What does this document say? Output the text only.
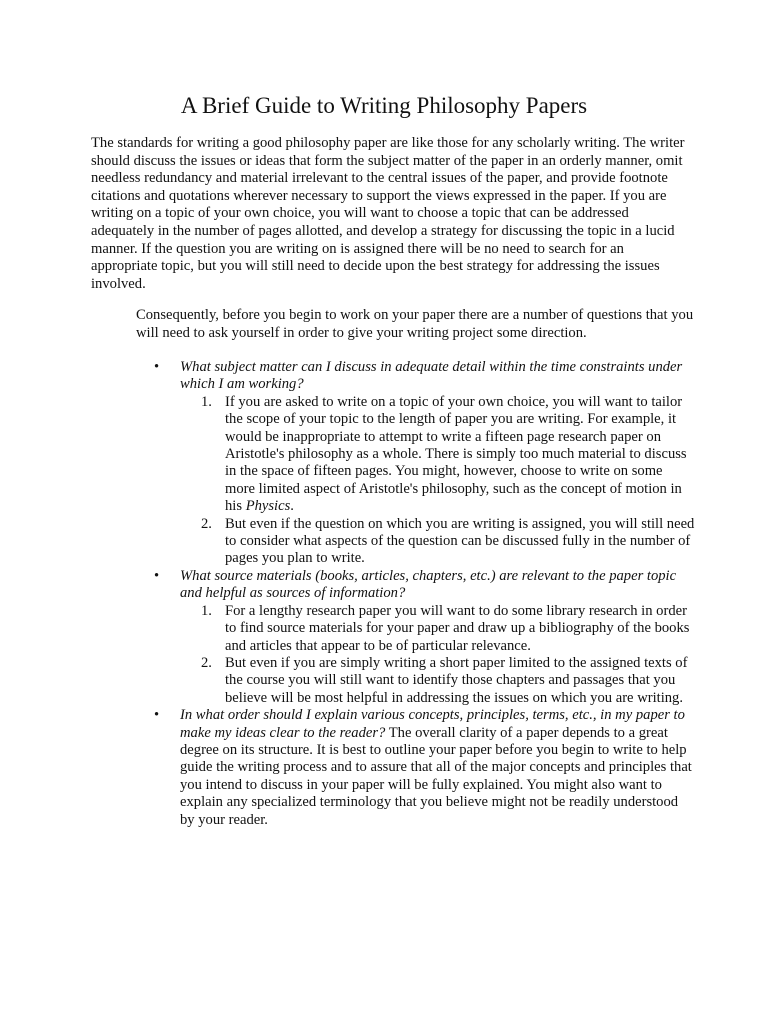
A Brief Guide to Writing Philosophy Papers

The standards for writing a good philosophy paper are like those for any scholarly writing. The writer should discuss the issues or ideas that form the subject matter of the paper in an orderly manner, omit needless redundancy and material irrelevant to the central issues of the paper, and provide footnote citations and quotations wherever necessary to support the views expressed in the paper. If you are writing on a topic of your own choice, you will want to choose a topic that can be addressed adequately in the number of pages allotted, and develop a strategy for discussing the topic in a lucid manner. If the question you are writing on is assigned there will be no need to search for an appropriate topic, but you will still need to decide upon the best strategy for addressing the issues involved.

Consequently, before you begin to work on your paper there are a number of questions that you will need to ask yourself in order to give your writing project some direction.

•	What subject matter can I discuss in adequate detail within the time constraints under which I am working?
1. If you are asked to write on a topic of your own choice, you will want to tailor the scope of your topic to the length of paper you are writing. For example, it would be inappropriate to attempt to write a fifteen page research paper on Aristotle's philosophy as a whole. There is simply too much material to discuss in the space of fifteen pages. You might, however, choose to write on some more limited aspect of Aristotle's philosophy, such as the concept of motion in his Physics.
2. But even if the question on which you are writing is assigned, you will still need to consider what aspects of the question can be discussed fully in the number of pages you plan to write.
•	What source materials (books, articles, chapters, etc.) are relevant to the paper topic and helpful as sources of information?
1. For a lengthy research paper you will want to do some library research in order to find source materials for your paper and draw up a bibliography of the books and articles that appear to be of particular relevance.
2. But even if you are simply writing a short paper limited to the assigned texts of the course you will still want to identify those chapters and passages that you believe will be most helpful in addressing the issues on which you are writing.
•	In what order should I explain various concepts, principles, terms, etc., in my paper to make my ideas clear to the reader? The overall clarity of a paper depends to a great degree on its structure. It is best to outline your paper before you begin to write to help guide the writing process and to assure that all of the major concepts and principles that you intend to discuss in your paper will be fully explained. You might also want to explain any specialized terminology that you believe might not be readily understood by your reader.
